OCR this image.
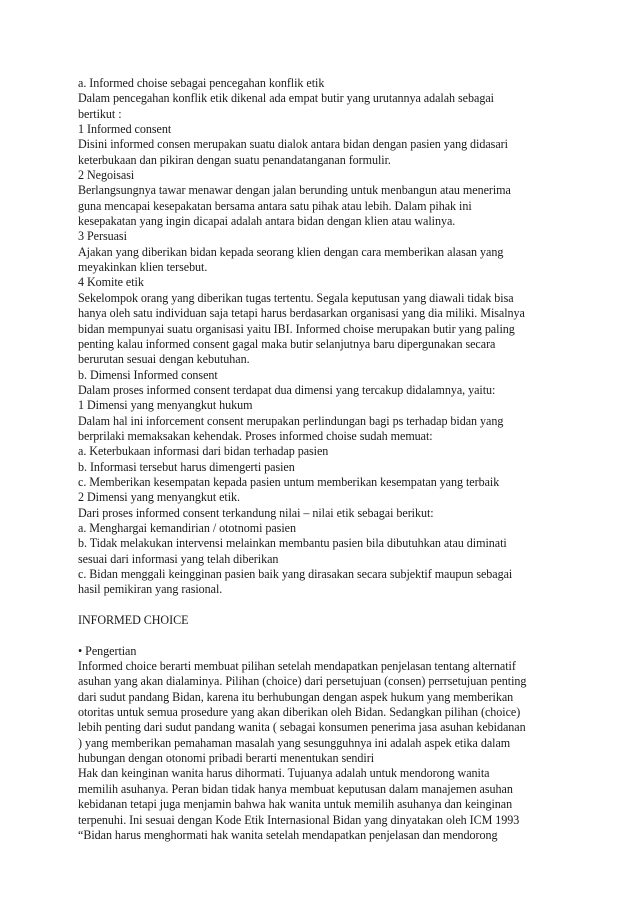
a. Informed choise sebagai pencegahan konflik etik
Dalam pencegahan konflik etik dikenal ada empat butir yang urutannya adalah sebagai
bertikut :
1 Informed consent
Disini informed consen merupakan suatu dialok antara bidan dengan pasien yang didasari
keterbukaan dan pikiran dengan suatu penandatanganan formulir.
2 Negoisasi
Berlangsungnya tawar menawar dengan jalan berunding untuk menbangun atau menerima
guna mencapai kesepakatan bersama antara satu pihak atau lebih. Dalam pihak ini
kesepakatan yang ingin dicapai adalah antara bidan dengan klien atau walinya.
3 Persuasi
Ajakan yang diberikan bidan kepada seorang klien dengan cara memberikan alasan yang
meyakinkan klien tersebut.
4 Komite etik
Sekelompok orang yang diberikan tugas tertentu. Segala keputusan yang diawali tidak bisa
hanya oleh satu individuan saja tetapi harus berdasarkan organisasi yang dia miliki. Misalnya
bidan mempunyai suatu organisasi yaitu IBI. Informed choise merupakan butir yang paling
penting kalau informed consent gagal maka butir selanjutnya baru dipergunakan secara
berurutan sesuai dengan kebutuhan.
b. Dimensi Informed consent
Dalam proses informed consent terdapat dua dimensi yang tercakup didalamnya, yaitu:
1 Dimensi yang menyangkut hukum
Dalam hal ini inforcement consent merupakan perlindungan bagi ps terhadap bidan yang
berprilaki memaksakan kehendak. Proses informed choise sudah memuat:
a. Keterbukaan informasi dari bidan terhadap pasien
b. Informasi tersebut harus dimengerti pasien
c. Memberikan kesempatan kepada pasien untum memberikan kesempatan yang terbaik
2 Dimensi yang menyangkut etik.
Dari proses informed consent terkandung nilai – nilai etik sebagai berikut:
a. Menghargai kemandirian / ototnomi pasien
b. Tidak melakukan intervensi melainkan membantu pasien bila dibutuhkan atau diminati
sesuai dari informasi yang telah diberikan
c. Bidan menggali keingginan pasien baik yang dirasakan secara subjektif maupun sebagai
hasil pemikiran yang rasional.
INFORMED CHOICE
• Pengertian
Informed choice berarti membuat pilihan setelah mendapatkan penjelasan tentang alternatif
asuhan yang akan dialaminya. Pilihan (choice) dari persetujuan (consen) perrsetujuan penting
dari sudut pandang Bidan, karena itu berhubungan dengan aspek hukum yang memberikan
otoritas untuk semua prosedure yang akan diberikan oleh Bidan. Sedangkan pilihan (choice)
lebih penting dari sudut pandang wanita ( sebagai konsumen penerima jasa asuhan kebidanan
) yang memberikan pemahaman masalah yang sesungguhnya ini adalah aspek etika dalam
hubungan dengan otonomi pribadi berarti menentukan sendiri
Hak dan keinginan wanita harus dihormati. Tujuanya adalah untuk mendorong wanita
memilih asuhanya. Peran bidan tidak hanya membuat keputusan dalam manajemen asuhan
kebidanan tetapi juga menjamin bahwa hak wanita untuk memilih asuhanya dan keinginan
terpenuhi. Ini sesuai dengan Kode Etik Internasional Bidan yang dinyatakan oleh ICM 1993
“Bidan harus menghormati hak wanita setelah mendapatkan penjelasan dan mendorong
